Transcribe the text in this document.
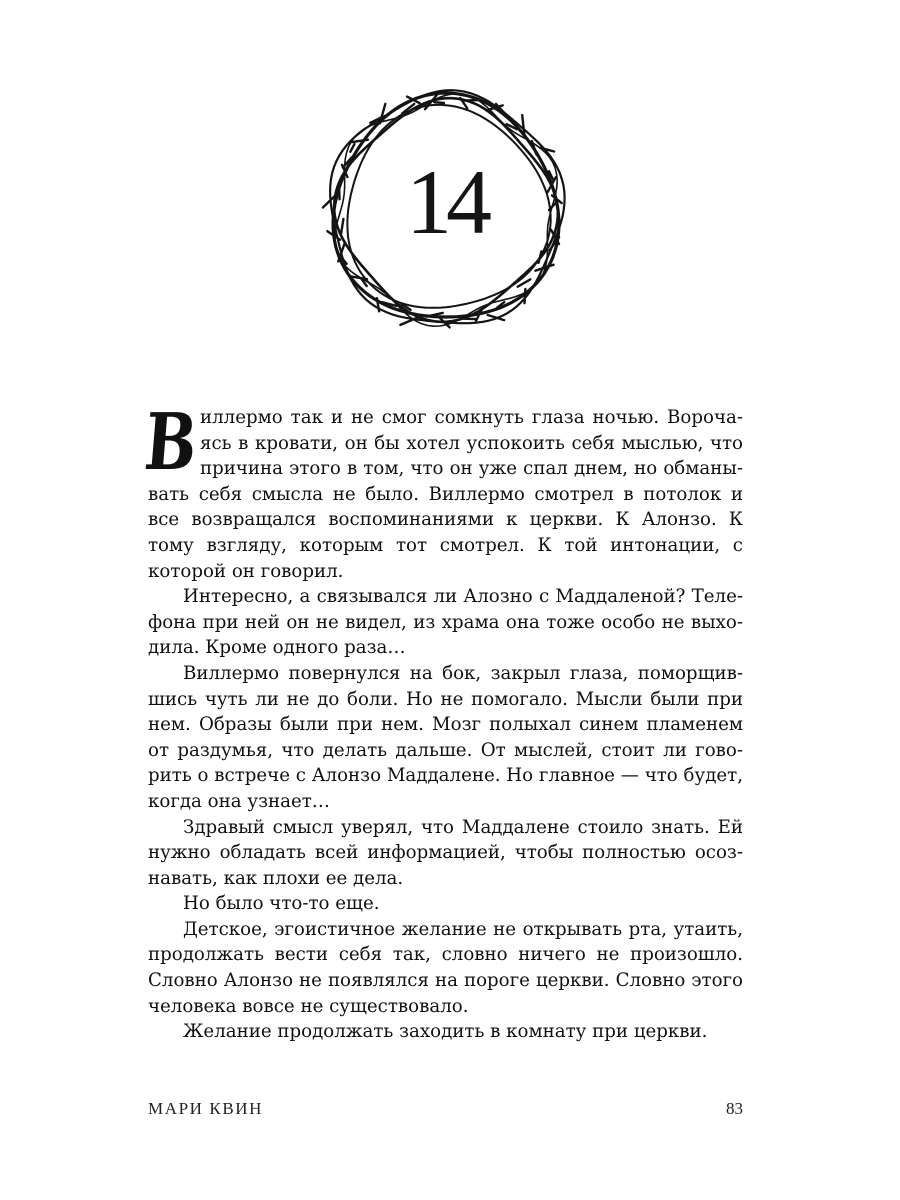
14

Виллермо так и не смог сомкнуть глаза ночью. Ворочаясь в кровати, он бы хотел успокоить себя мыслью, что причина этого в том, что он уже спал днем, но обманывать себя смысла не было. Виллермо смотрел в потолок и все возвращался воспоминаниями к церкви. К Алонзо. К тому взгляду, которым тот смотрел. К той интонации, с которой он говорил.

Интересно, а связывался ли Алозно с Маддаленой? Телефона при ней он не видел, из храма она тоже особо не выходила. Кроме одного раза…

Виллермо повернулся на бок, закрыл глаза, поморщившись чуть ли не до боли. Но не помогало. Мысли были при нем. Образы были при нем. Мозг полыхал синем пламенем от раздумья, что делать дальше. От мыслей, стоит ли говорить о встрече с Алонзо Маддалене. Но главное — что будет, когда она узнает…

Здравый смысл уверял, что Маддалене стоило знать. Ей нужно обладать всей информацией, чтобы полностью осознавать, как плохи ее дела.

Но было что-то еще.

Детское, эгоистичное желание не открывать рта, утаить, продолжать вести себя так, словно ничего не произошло. Словно Алонзо не появлялся на пороге церкви. Словно этого человека вовсе не существовало.

Желание продолжать заходить в комнату при церкви.

МАРИ КВИН	83
